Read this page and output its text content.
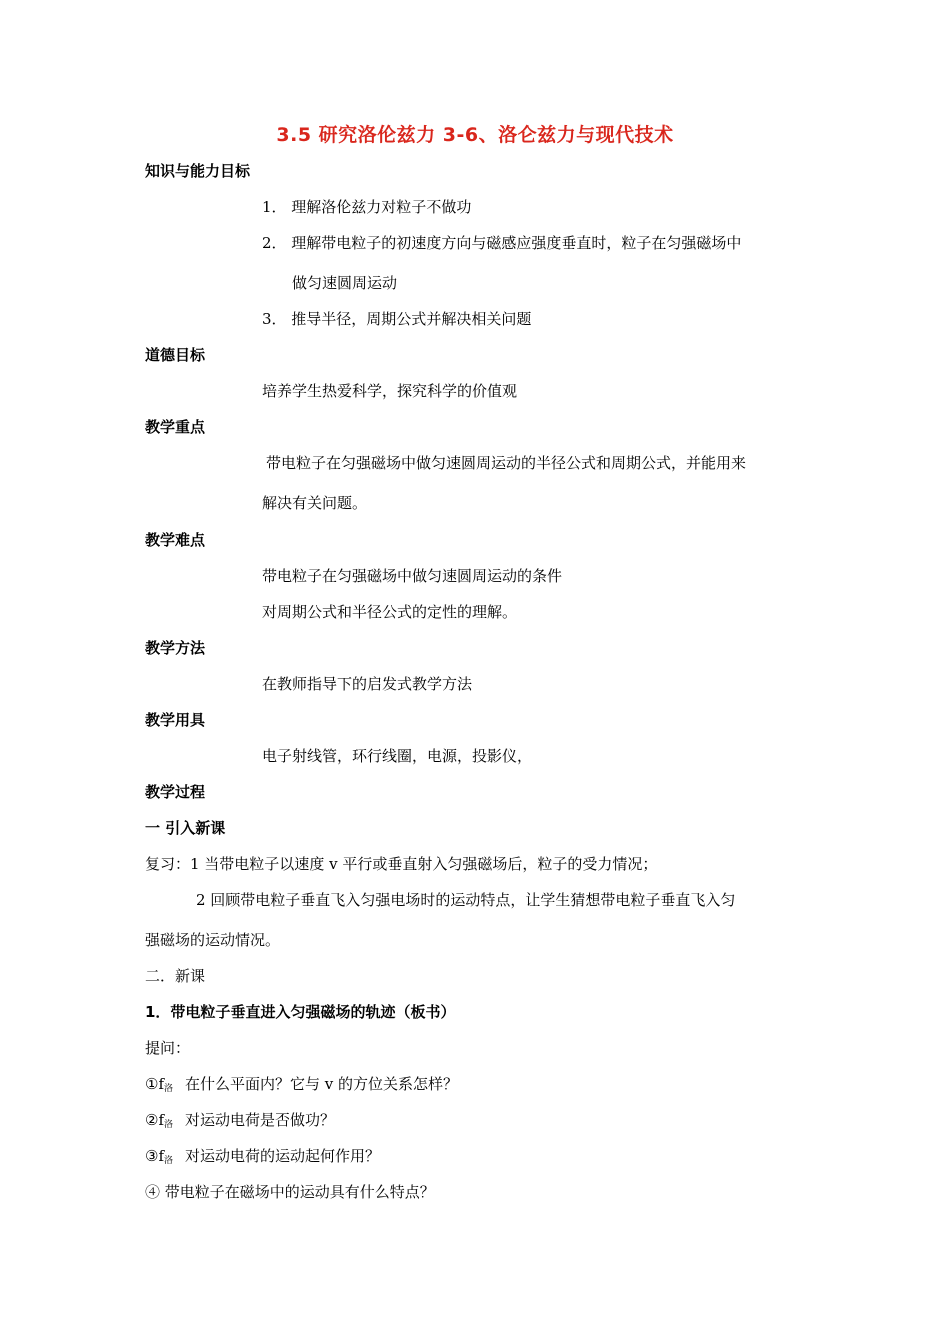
3.5 研究洛伦兹力 3-6、洛仑兹力与现代技术
知识与能力目标
1． 理解洛伦兹力对粒子不做功
2． 理解带电粒子的初速度方向与磁感应强度垂直时，粒子在匀强磁场中
做匀速圆周运动
3． 推导半径，周期公式并解决相关问题
道德目标
培养学生热爱科学，探究科学的价值观
教学重点
带电粒子在匀强磁场中做匀速圆周运动的半径公式和周期公式，并能用来
解决有关问题。
教学难点
带电粒子在匀强磁场中做匀速圆周运动的条件
对周期公式和半径公式的定性的理解。
教学方法
在教师指导下的启发式教学方法
教学用具
电子射线管，环行线圈，电源，投影仪，
教学过程
一 引入新课
复习：1 当带电粒子以速度 v 平行或垂直射入匀强磁场后，粒子的受力情况；
2 回顾带电粒子垂直飞入匀强电场时的运动特点，让学生猜想带电粒子垂直飞入匀
强磁场的运动情况。
二．新课
1．带电粒子垂直进入匀强磁场的轨迹（板书）
提问：
$①f_洛$ 在什么平面内？它与 v 的方位关系怎样？
$②f_洛$ 对运动电荷是否做功？
$③f_洛$ 对运动电荷的运动起何作用？
④ 带电粒子在磁场中的运动具有什么特点？
